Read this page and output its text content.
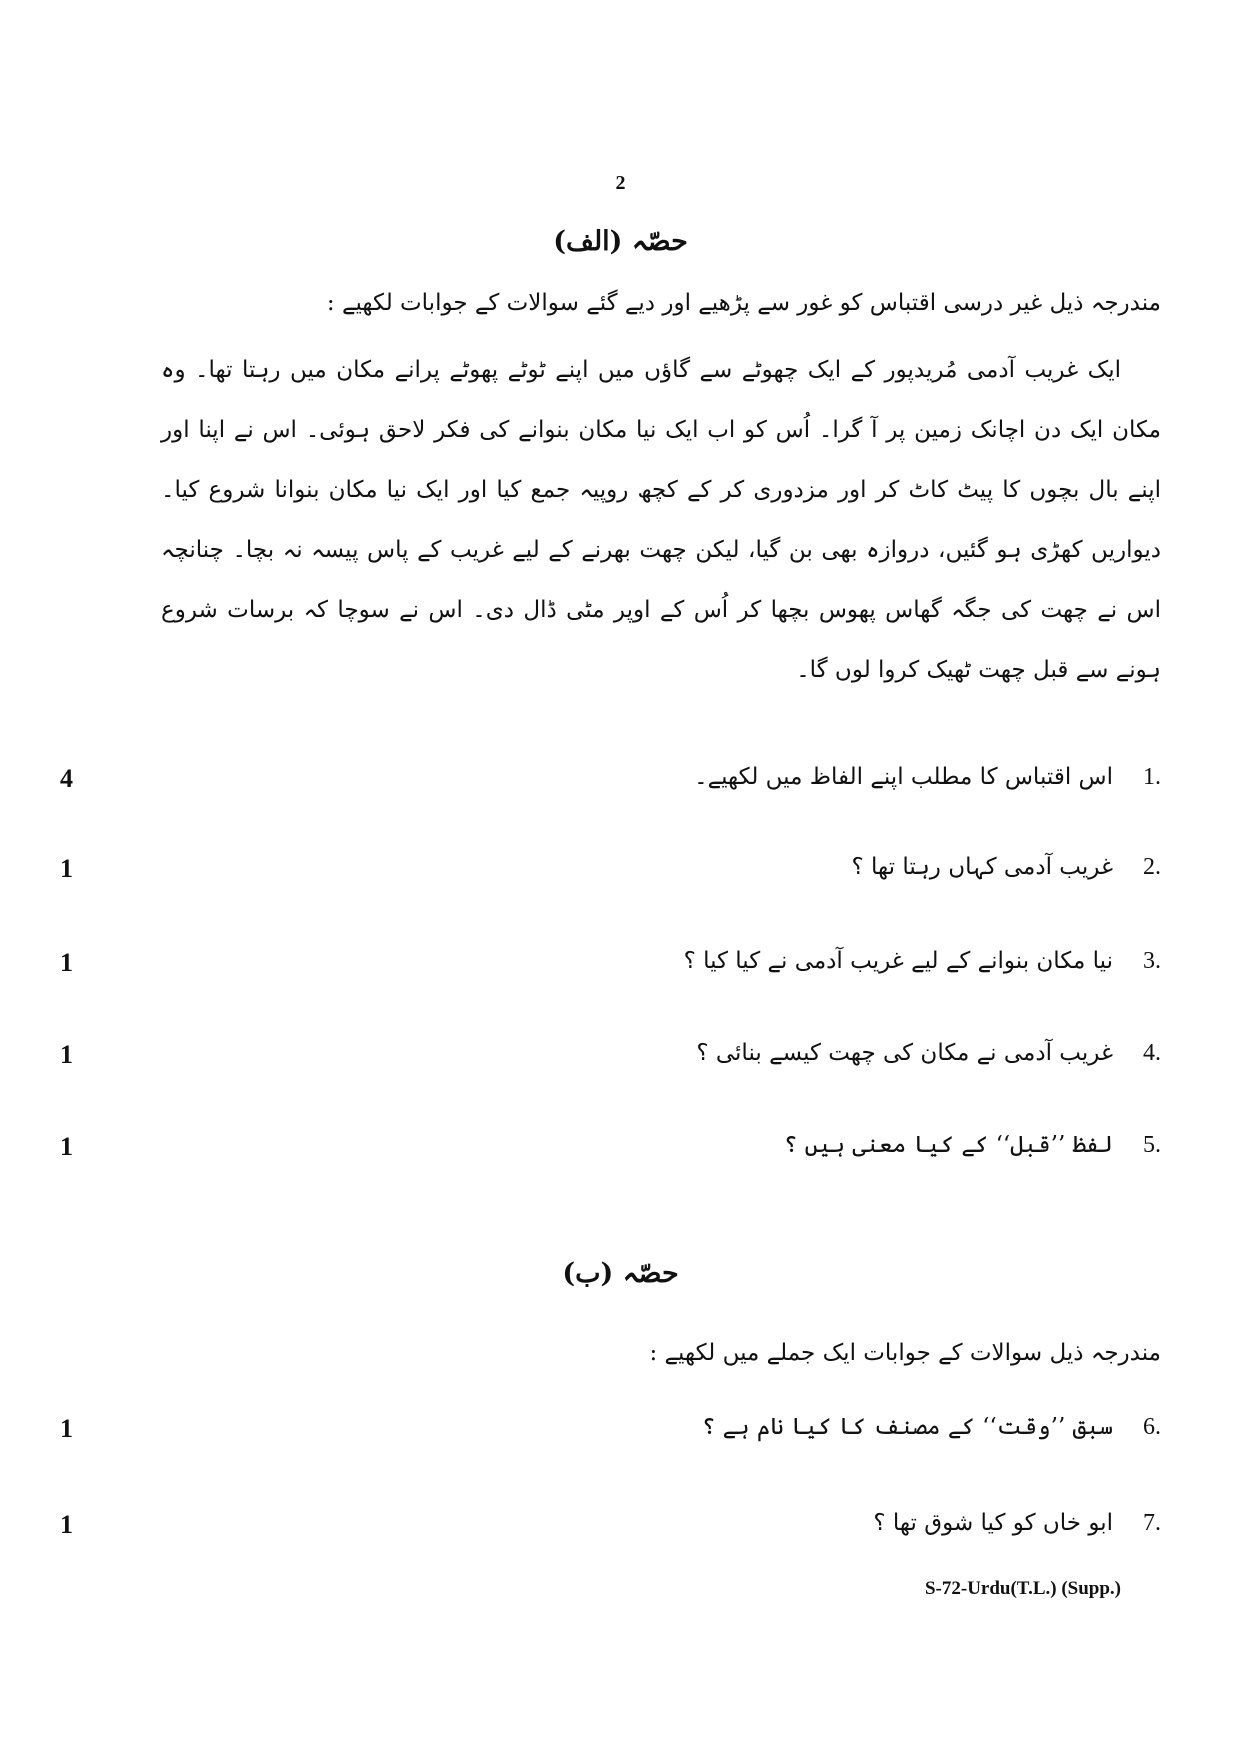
2
حصّہ (الف)
مندرجہ ذیل غیر درسی اقتباس کو غور سے پڑھیے اور دیے گئے سوالات کے جوابات لکھیے :
ایک غریب آدمی مُریدپور کے ایک چھوٹے سے گاؤں میں اپنے ٹوٹے پھوٹے پرانے مکان میں رہتا تھا۔ وہ مکان ایک دن اچانک زمین پر آ گرا۔ اُس کو اب ایک نیا مکان بنوانے کی فکر لاحق ہوئی۔ اس نے اپنا اور اپنے بال بچوں کا پیٹ کاٹ کر اور مزدوری کر کے کچھ روپیہ جمع کیا اور ایک نیا مکان بنوانا شروع کیا۔ دیواریں کھڑی ہو گئیں، دروازہ بھی بن گیا، لیکن چھت بھرنے کے لیے غریب کے پاس پیسہ نہ بچا۔ چنانچہ اس نے چھت کی جگہ گھاس پھوس بچھا کر اُس کے اوپر مٹی ڈال دی۔ اس نے سوچا کہ برسات شروع ہونے سے قبل چھت ٹھیک کروا لوں گا۔
1.
اس اقتباس کا مطلب اپنے الفاظ میں لکھیے۔
4
2.
غریب آدمی کہاں رہتا تھا ؟
1
3.
نیا مکان بنوانے کے لیے غریب آدمی نے کیا کیا ؟
1
4.
غریب آدمی نے مکان کی چھت کیسے بنائی ؟
1
5.
لفظ ’’قبل‘‘ کے کیا معنی ہیں ؟
1
حصّہ (ب)
مندرجہ ذیل سوالات کے جوابات ایک جملے میں لکھیے :
6.
سبق ’’وقت‘‘ کے مصنف کا کیا نام ہے ؟
1
7.
ابو خاں کو کیا شوق تھا ؟
1
S-72-Urdu(T.L.) (Supp.)
